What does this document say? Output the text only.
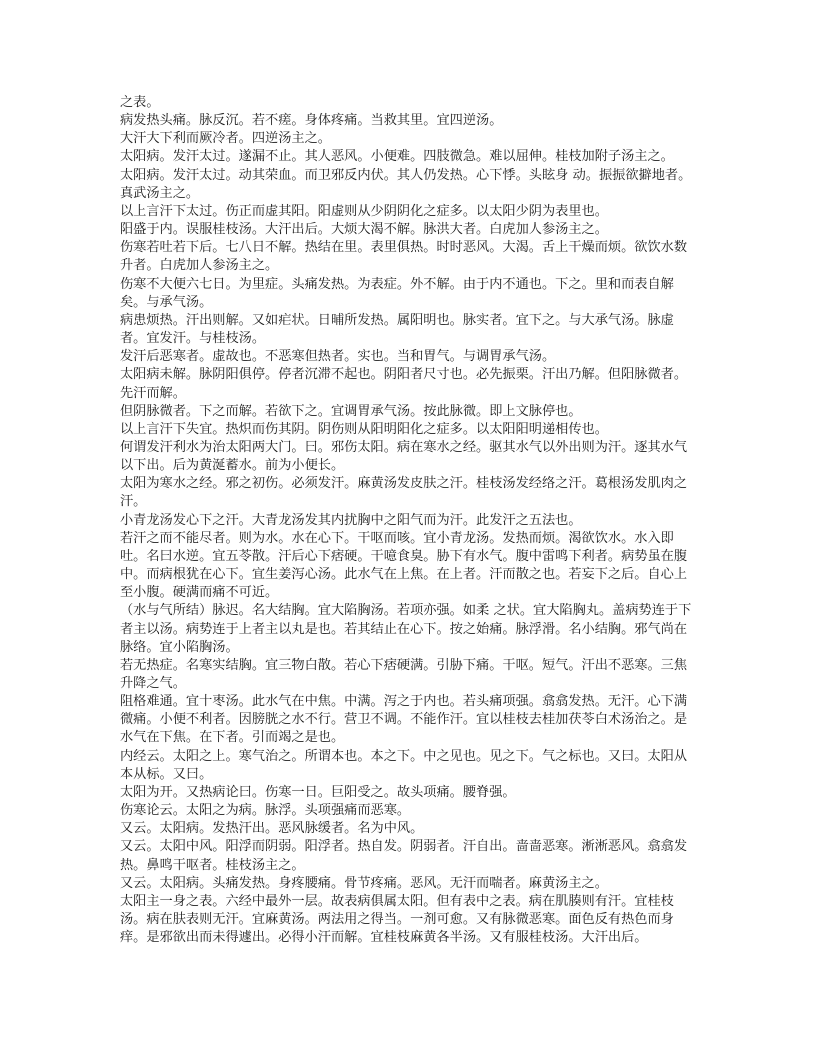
之表。

病发热头痛。脉反沉。若不瘥。身体疼痛。当救其里。宜四逆汤。

大汗大下利而厥冷者。四逆汤主之。

太阳病。发汗太过。遂漏不止。其人恶风。小便难。四肢微急。难以屈伸。桂枝加附子汤主之。

太阳病。发汗太过。动其荣血。而卫邪反内伏。其人仍发热。心下悸。头眩身 动。振振欲擗地者。真武汤主之。

以上言汗下太过。伤正而虚其阳。阳虚则从少阴阴化之症多。以太阳少阴为表里也。

阳盛于内。误服桂枝汤。大汗出后。大烦大渴不解。脉洪大者。白虎加人参汤主之。

伤寒若吐若下后。七八日不解。热结在里。表里俱热。时时恶风。大渴。舌上干燥而烦。欲饮水数升者。白虎加人参汤主之。

伤寒不大便六七日。为里症。头痛发热。为表症。外不解。由于内不通也。下之。里和而表自解矣。与承气汤。

病患烦热。汗出则解。又如疟状。日晡所发热。属阳明也。脉实者。宜下之。与大承气汤。脉虚者。宜发汗。与桂枝汤。

发汗后恶寒者。虚故也。不恶寒但热者。实也。当和胃气。与调胃承气汤。

太阳病未解。脉阴阳俱停。停者沉滞不起也。阴阳者尺寸也。必先振栗。汗出乃解。但阳脉微者。先汗而解。

但阴脉微者。下之而解。若欲下之。宜调胃承气汤。按此脉微。即上文脉停也。

以上言汗下失宜。热炽而伤其阴。阴伤则从阳明阳化之症多。以太阳阳明递相传也。

何谓发汗利水为治太阳两大门。曰。邪伤太阳。病在寒水之经。驱其水气以外出则为汗。逐其水气以下出。后为黄涎蓄水。前为小便长。

太阳为寒水之经。邪之初伤。必须发汗。麻黄汤发皮肤之汗。桂枝汤发经络之汗。葛根汤发肌肉之汗。

小青龙汤发心下之汗。大青龙汤发其内扰胸中之阳气而为汗。此发汗之五法也。

若汗之而不能尽者。则为水。水在心下。干呕而咳。宜小青龙汤。发热而烦。渴欲饮水。水入即吐。名曰水逆。宜五苓散。汗后心下痞硬。干噫食臭。胁下有水气。腹中雷鸣下利者。病势虽在腹中。而病根犹在心下。宜生姜泻心汤。此水气在上焦。在上者。汗而散之也。若妄下之后。自心上至小腹。硬满而痛不可近。

（水与气所结）脉迟。名大结胸。宜大陷胸汤。若项亦强。如柔 之状。宜大陷胸丸。盖病势连于下者主以汤。病势连于上者主以丸是也。若其结止在心下。按之始痛。脉浮滑。名小结胸。邪气尚在脉络。宜小陷胸汤。

若无热症。名寒实结胸。宜三物白散。若心下痞硬满。引胁下痛。干呕。短气。汗出不恶寒。三焦升降之气。

阻格难通。宜十枣汤。此水气在中焦。中满。泻之于内也。若头痛项强。翕翕发热。无汗。心下满微痛。小便不利者。因膀胱之水不行。营卫不调。不能作汗。宜以桂枝去桂加茯苓白术汤治之。是水气在下焦。在下者。引而竭之是也。

内经云。太阳之上。寒气治之。所谓本也。本之下。中之见也。见之下。气之标也。又曰。太阳从本从标。又曰。

太阳为开。又热病论曰。伤寒一日。巨阳受之。故头项痛。腰脊强。

伤寒论云。太阳之为病。脉浮。头项强痛而恶寒。

又云。太阳病。发热汗出。恶风脉缓者。名为中风。

又云。太阳中风。阳浮而阴弱。阳浮者。热自发。阴弱者。汗自出。啬啬恶寒。淅淅恶风。翕翕发热。鼻鸣干呕者。桂枝汤主之。

又云。太阳病。头痛发热。身疼腰痛。骨节疼痛。恶风。无汗而喘者。麻黄汤主之。

太阳主一身之表。六经中最外一层。故表病俱属太阳。但有表中之表。病在肌腠则有汗。宜桂枝汤。病在肤表则无汗。宜麻黄汤。两法用之得当。一剂可愈。又有脉微恶寒。面色反有热色而身痒。是邪欲出而未得遽出。必得小汗而解。宜桂枝麻黄各半汤。又有服桂枝汤。大汗出后。
